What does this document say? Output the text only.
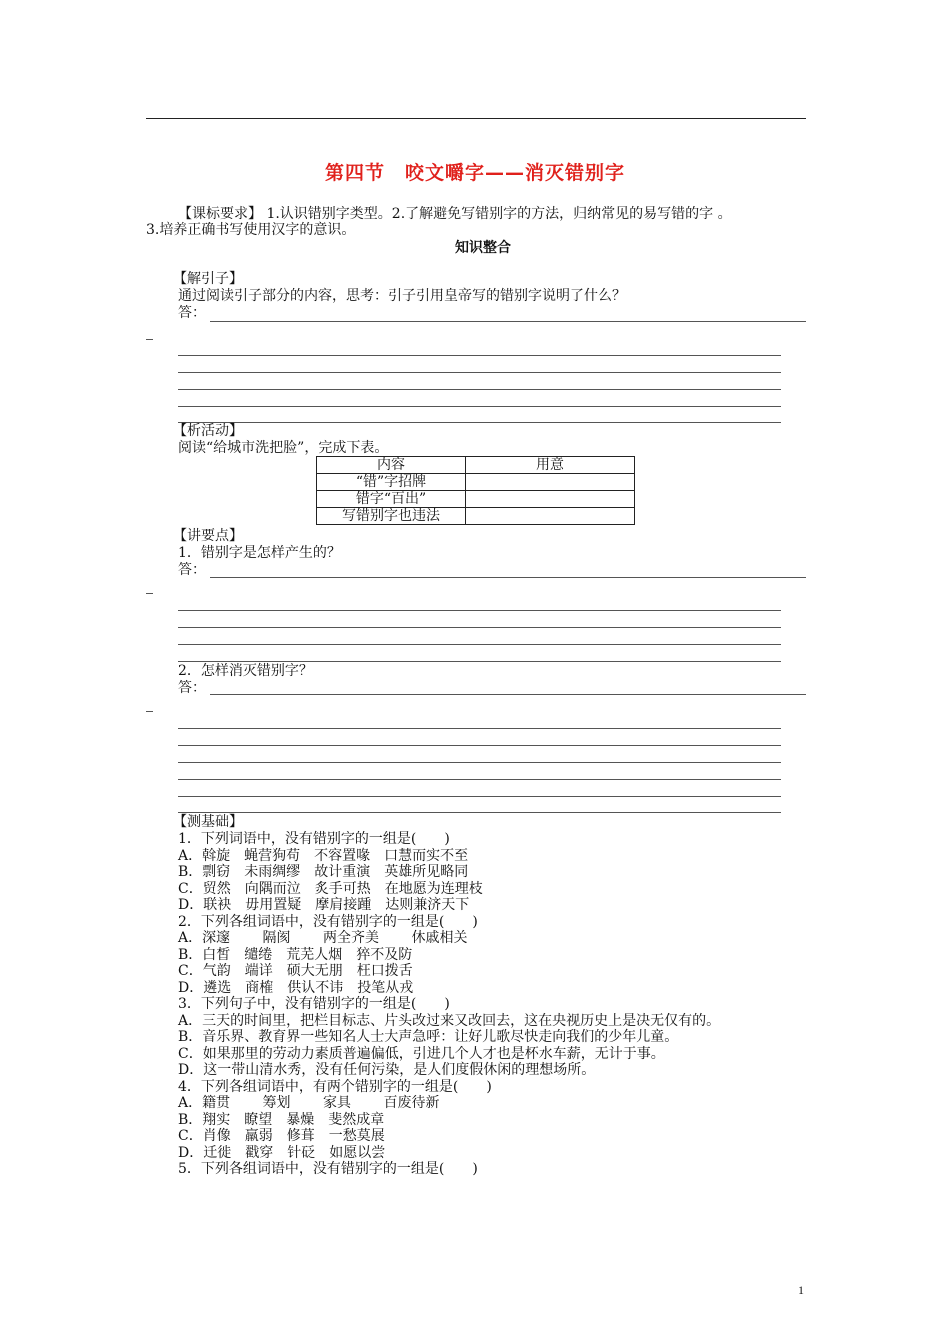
第四节　咬文嚼字——消灭错别字
【课标要求】 1.认识错别字类型。2.了解避免写错别字的方法，归纳常见的易写错的字 。
3.培养正确书写使用汉字的意识。
知识整合
【解引子】
通过阅读引子部分的内容，思考：引子引用皇帝写的错别字说明了什么？
答：
【析活动】
阅读“给城市洗把脸”，完成下表。
内容	用意
“错”字招牌	
错字“百出”	
写错别字也违法	
【讲要点】
1．错别字是怎样产生的？
答：
2．怎样消灭错别字？
答：
【测基础】
1．下列词语中，没有错别字的一组是(　　)
A．斡旋　蝇营狗苟　不容置喙　口慧而实不至
B．剽窃　未雨绸缪　故计重演　英雄所见略同
C．贸然　向隅而泣　炙手可热　在地愿为连理枝
D．联袂　毋用置疑　摩肩接踵　达则兼济天下
2．下列各组词语中，没有错别字的一组是(　　)
A．深邃　　 隔阂　　 两全齐美　　 休戚相关
B．白皙　缱绻　荒芜人烟　猝不及防
C．气韵　端详　硕大无朋　枉口拨舌
D．遴选　商榷　供认不讳　投笔从戎
3．下列句子中，没有错别字的一组是(　　)
A．三天的时间里，把栏目标志、片头改过来又改回去，这在央视历史上是决无仅有的。
B．音乐界、教育界一些知名人士大声急呼：让好儿歌尽快走向我们的少年儿童。
C．如果那里的劳动力素质普遍偏低，引进几个人才也是杯水车薪，无计于事。
D．这一带山清水秀，没有任何污染，是人们度假休闲的理想场所。
4．下列各组词语中，有两个错别字的一组是(　　)
A．籍贯　　 筹划　　 家具　　 百废待新
B．翔实　瞭望　暴燥　斐然成章
C．肖像　羸弱　修葺　一愁莫展
D．迁徙　戳穿　针砭　如愿以尝
5．下列各组词语中，没有错别字的一组是(　　)
1
